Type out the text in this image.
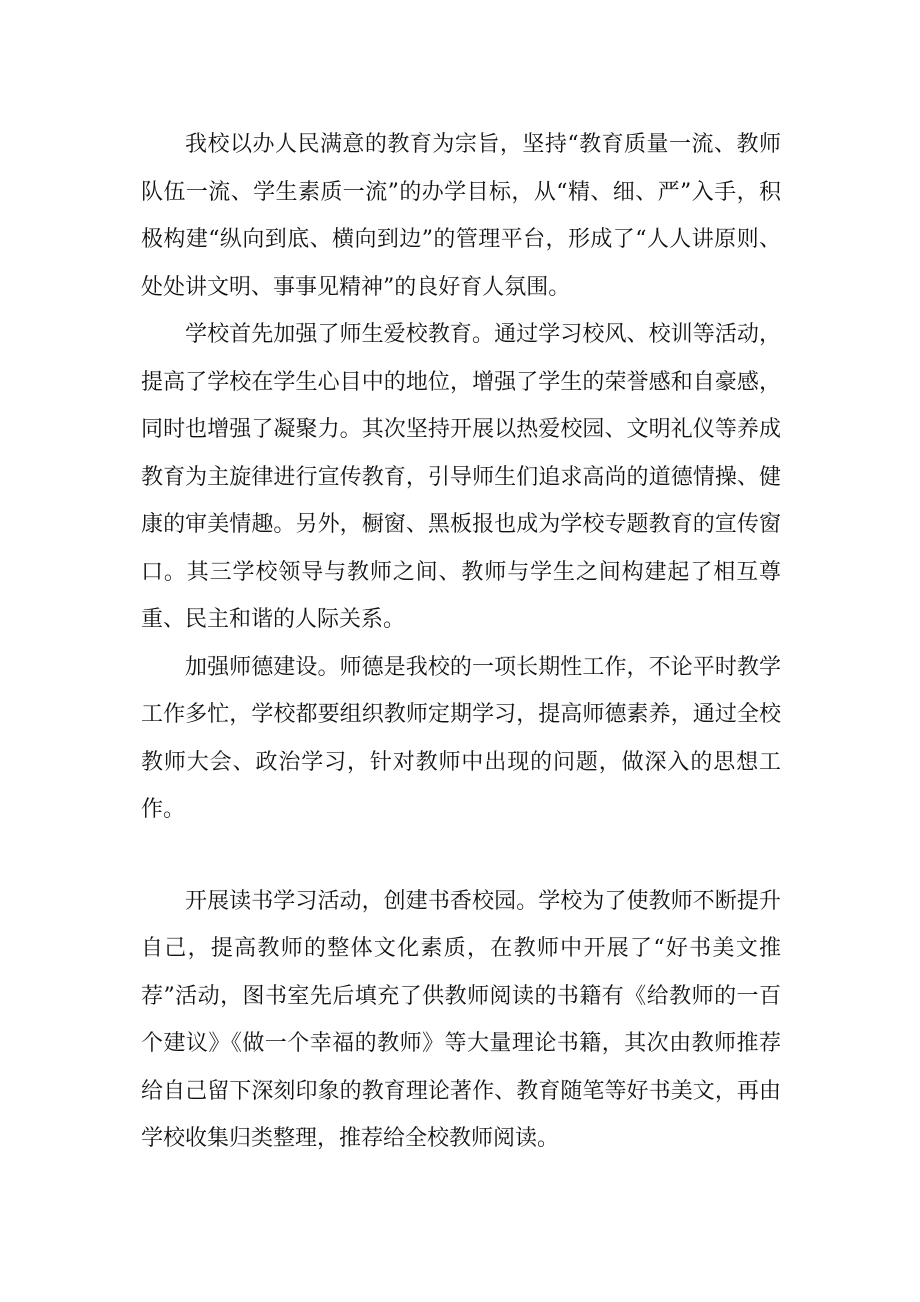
我校以办人民满意的教育为宗旨，坚持“教育质量一流、教师队伍一流、学生素质一流”的办学目标，从“精、细、严”入手，积极构建“纵向到底、横向到边”的管理平台，形成了“人人讲原则、处处讲文明、事事见精神”的良好育人氛围。

学校首先加强了师生爱校教育。通过学习校风、校训等活动，提高了学校在学生心目中的地位，增强了学生的荣誉感和自豪感，同时也增强了凝聚力。其次坚持开展以热爱校园、文明礼仪等养成教育为主旋律进行宣传教育，引导师生们追求高尚的道德情操、健康的审美情趣。另外，橱窗、黑板报也成为学校专题教育的宣传窗口。其三学校领导与教师之间、教师与学生之间构建起了相互尊重、民主和谐的人际关系。

加强师德建设。师德是我校的一项长期性工作，不论平时教学工作多忙，学校都要组织教师定期学习，提高师德素养，通过全校教师大会、政治学习，针对教师中出现的问题，做深入的思想工作。

开展读书学习活动，创建书香校园。学校为了使教师不断提升自己，提高教师的整体文化素质，在教师中开展了“好书美文推荐”活动，图书室先后填充了供教师阅读的书籍有《给教师的一百个建议》《做一个幸福的教师》等大量理论书籍，其次由教师推荐给自己留下深刻印象的教育理论著作、教育随笔等好书美文，再由学校收集归类整理，推荐给全校教师阅读。
